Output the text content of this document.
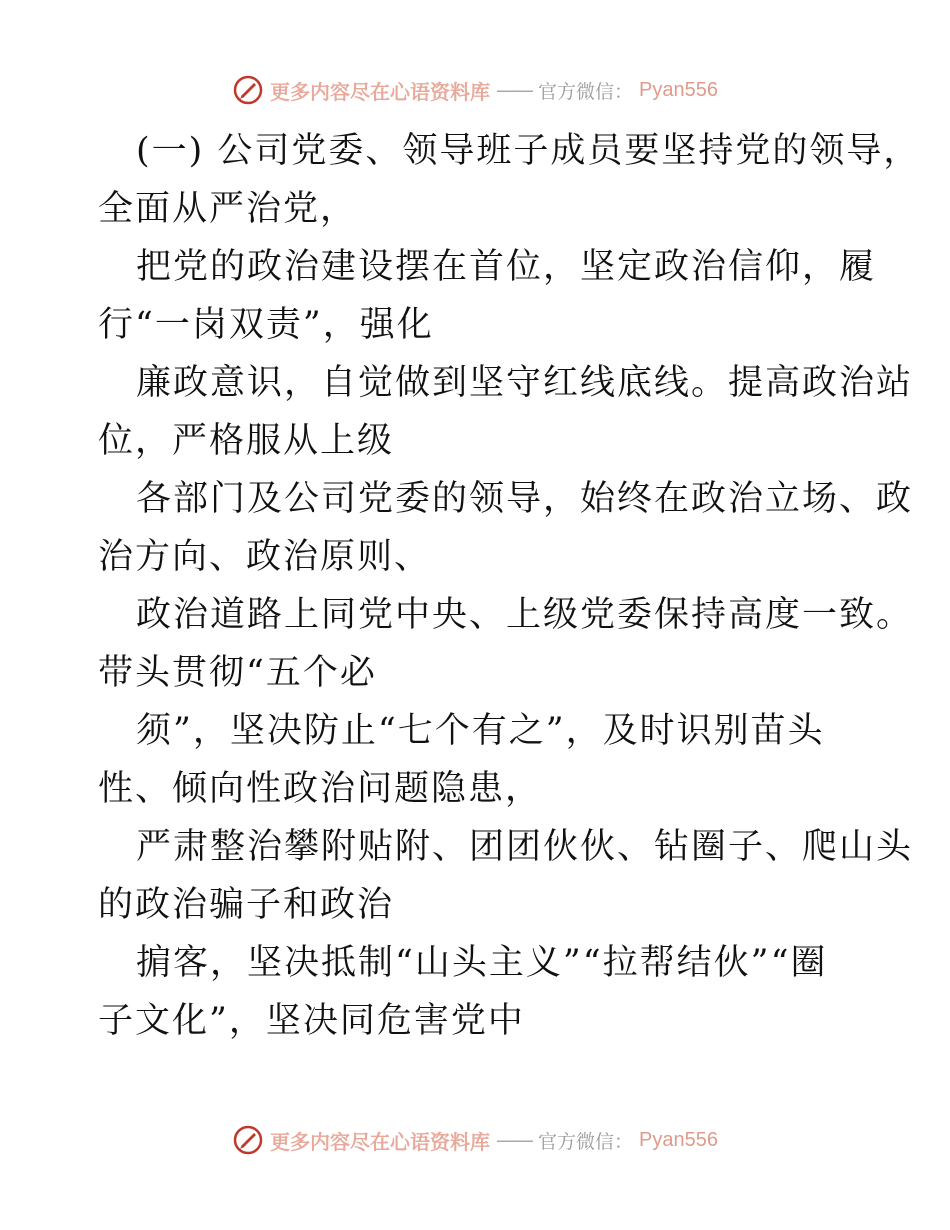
更多内容尽在心语资料库 —— 官方微信： Pyan556

(一) 公司党委、领导班子成员要坚持党的领导，
全面从严治党，

把党的政治建设摆在首位，坚定政治信仰，履
行“一岗双责”，强化

廉政意识，自觉做到坚守红线底线。提高政治站
位，严格服从上级

各部门及公司党委的领导，始终在政治立场、政
治方向、政治原则、

政治道路上同党中央、上级党委保持高度一致。
带头贯彻“五个必

须”，坚决防止“七个有之”，及时识别苗头
性、倾向性政治问题隐患，

严肃整治攀附贴附、团团伙伙、钻圈子、爬山头
的政治骗子和政治

掮客，坚决抵制“山头主义”“拉帮结伙”“圈
子文化”，坚决同危害党中

更多内容尽在心语资料库 —— 官方微信： Pyan556
